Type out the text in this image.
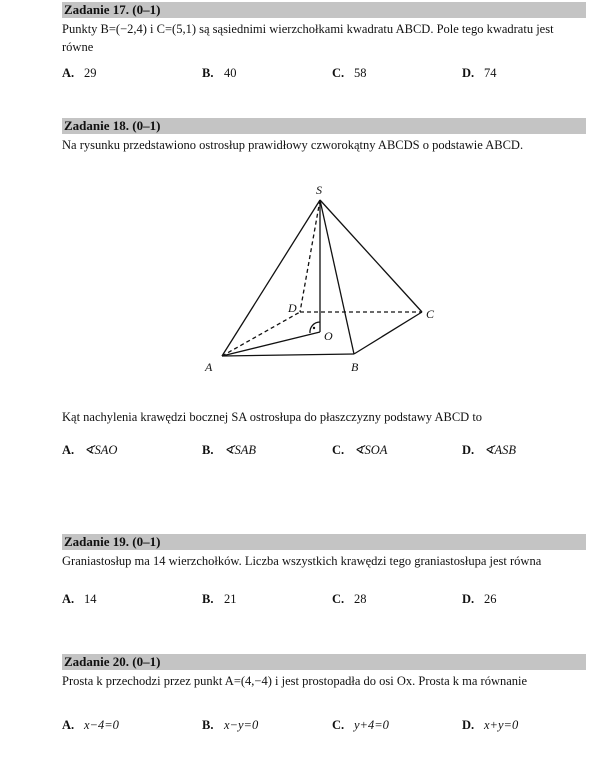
Zadanie 17. (0–1)
Punkty B=(−2,4) i C=(5,1) są sąsiednimi wierzchołkami kwadratu ABCD. Pole tego kwadratu jest równe
A. 29	B. 40	C. 58	D. 74
Zadanie 18. (0–1)
Na rysunku przedstawiono ostrosłup prawidłowy czworokątny ABCDS o podstawie ABCD.
S
A	B
C
D
O
Kąt nachylenia krawędzi bocznej SA ostrosłupa do płaszczyzny podstawy ABCD to
A. ∢SAO	B. ∢SAB	C. ∢SOA	D. ∢ASB
Zadanie 19. (0–1)
Graniastosłup ma 14 wierzchołków. Liczba wszystkich krawędzi tego graniastosłupa jest równa
A. 14	B. 21	C. 28	D. 26
Zadanie 20. (0–1)
Prosta k przechodzi przez punkt A=(4,−4) i jest prostopadła do osi Ox. Prosta k ma równanie
A. x−4=0	B. x−y=0	C. y+4=0	D. x+y=0
